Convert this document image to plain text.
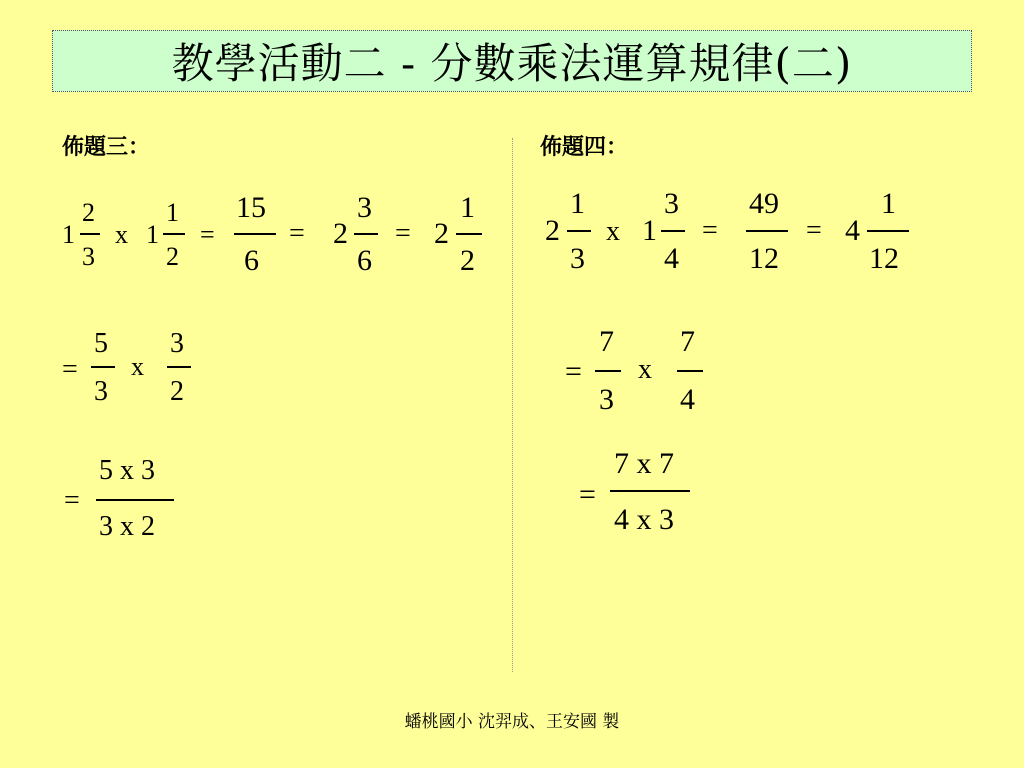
教學活動二 - 分數乘法運算規律(二)
佈題三：	佈題四：
1
2
3
x 1
1
2
=
15
6
= 2
3
6
= 2
1
2
=
5
3
x
3
2
=
5 x 3
3 x 2
2
1
3
x 1
3
4
=
49
12
= 4
1
12
=
7
3
x
7
4
=
7 x 7
4 x 3
蟠桃國小 沈羿成、王安國 製
